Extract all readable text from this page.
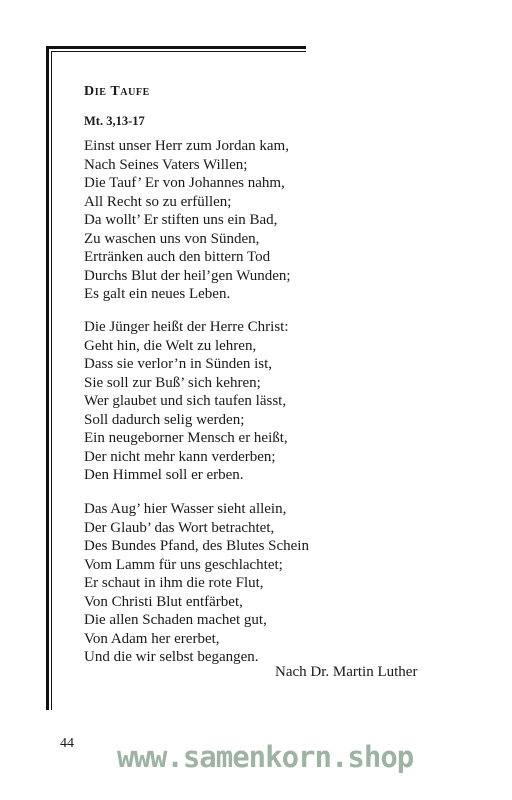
Die Taufe

Mt. 3,13-17

Einst unser Herr zum Jordan kam,
Nach Seines Vaters Willen;
Die Tauf’ Er von Johannes nahm,
All Recht so zu erfüllen;
Da wollt’ Er stiften uns ein Bad,
Zu waschen uns von Sünden,
Ertränken auch den bittern Tod
Durchs Blut der heil’gen Wunden;
Es galt ein neues Leben.
Die Jünger heißt der Herre Christ:
Geht hin, die Welt zu lehren,
Dass sie verlor’n in Sünden ist,
Sie soll zur Buß’ sich kehren;
Wer glaubet und sich taufen lässt,
Soll dadurch selig werden;
Ein neugeborner Mensch er heißt,
Der nicht mehr kann verderben;
Den Himmel soll er erben.
Das Aug’ hier Wasser sieht allein,
Der Glaub’ das Wort betrachtet,
Des Bundes Pfand, des Blutes Schein
Vom Lamm für uns geschlachtet;
Er schaut in ihm die rote Flut,
Von Christi Blut entfärbet,
Die allen Schaden machet gut,
Von Adam her ererbet,
Und die wir selbst begangen.

Nach Dr. Martin Luther

44 www.samenkorn.shop
